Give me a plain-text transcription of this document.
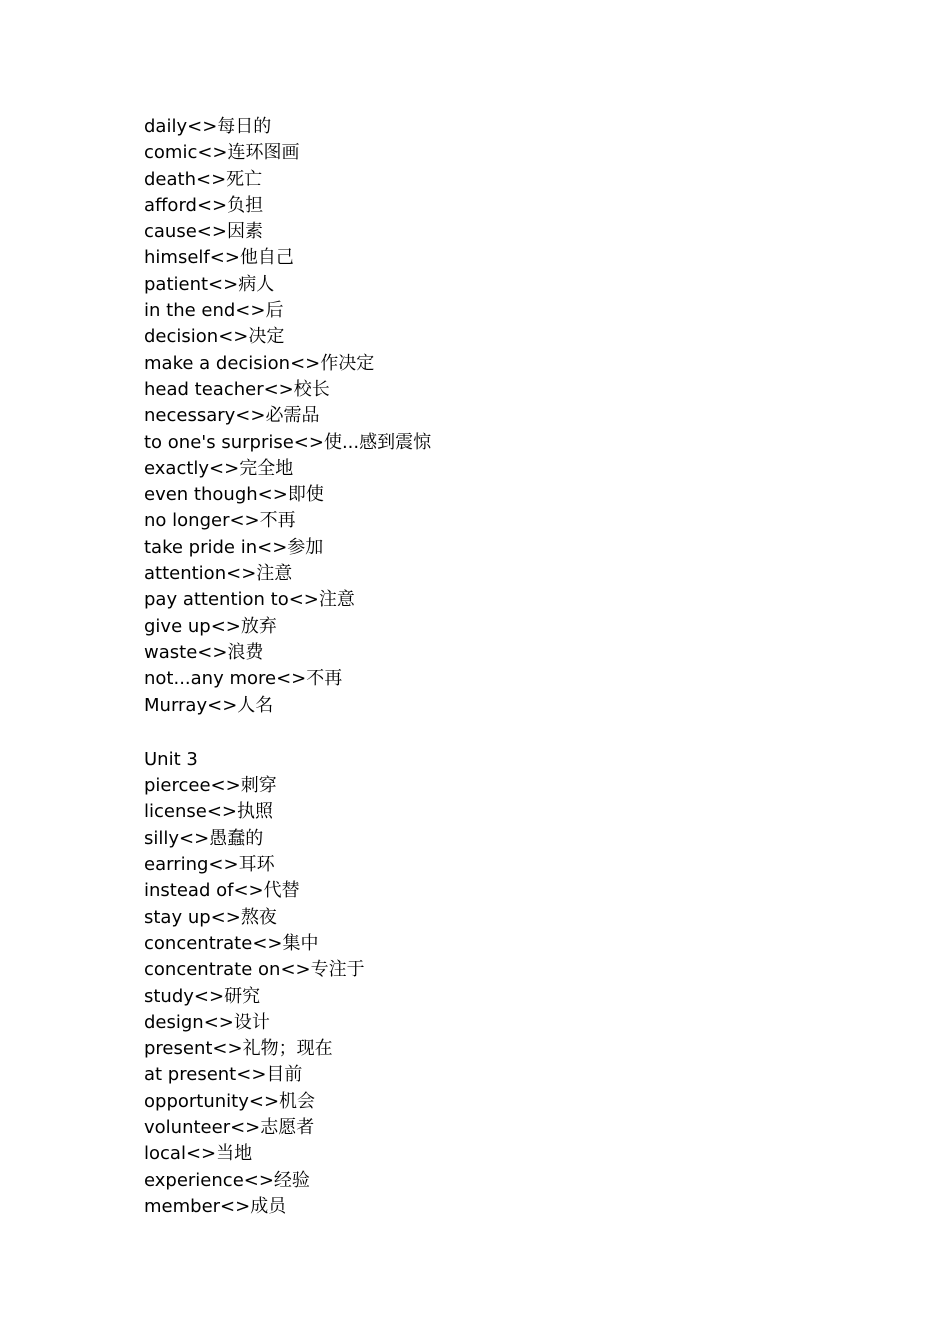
daily<>每日的
comic<>连环图画
death<>死亡
afford<>负担
cause<>因素
himself<>他自己
patient<>病人
in the end<>后
decision<>决定
make a decision<>作决定
head teacher<>校长
necessary<>必需品
to one's surprise<>使...感到震惊
exactly<>完全地
even though<>即使
no longer<>不再
take pride in<>参加
attention<>注意
pay attention to<>注意
give up<>放弃
waste<>浪费
not...any more<>不再
Murray<>人名
Unit 3
piercee<>刺穿
license<>执照
silly<>愚蠢的
earring<>耳环
instead of<>代替
stay up<>熬夜
concentrate<>集中
concentrate on<>专注于
study<>研究
design<>设计
present<>礼物；现在
at present<>目前
opportunity<>机会
volunteer<>志愿者
local<>当地
experience<>经验
member<>成员
